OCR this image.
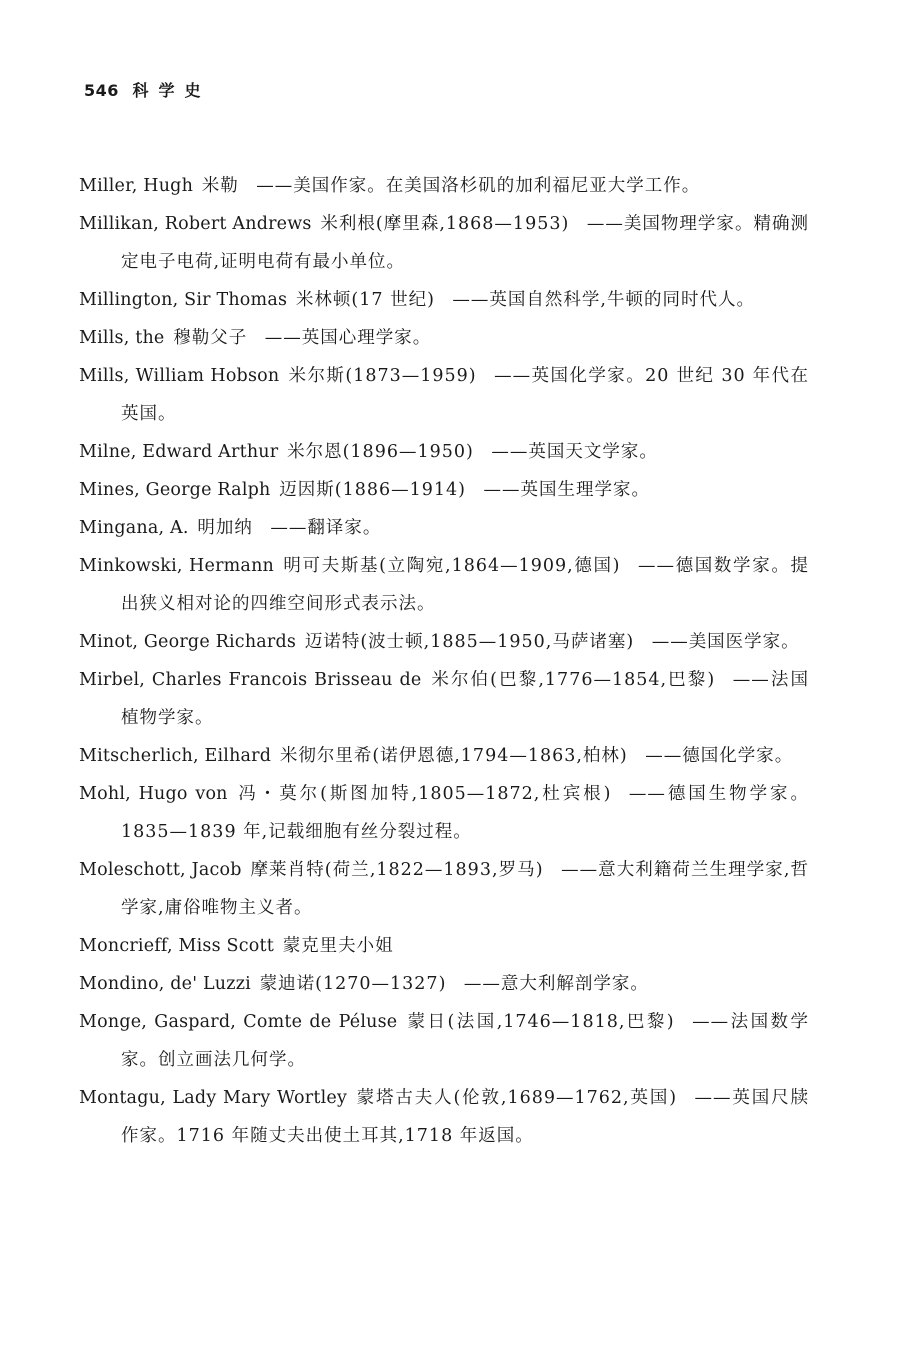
546 科学史
Miller, Hugh  米勒  ——美国作家。在美国洛杉矶的加利福尼亚大学工作。
Millikan, Robert Andrews  米利根(摩里森,1868—1953)  ——美国物理学家。精确测定电子电荷,证明电荷有最小单位。
Millington, Sir Thomas  米林顿(17 世纪)  ——英国自然科学,牛顿的同时代人。
Mills, the  穆勒父子  ——英国心理学家。
Mills, William Hobson  米尔斯(1873—1959)  ——英国化学家。20 世纪 30 年代在英国。
Milne, Edward Arthur  米尔恩(1896—1950)  ——英国天文学家。
Mines, George Ralph  迈因斯(1886—1914)  ——英国生理学家。
Mingana, A.  明加纳  ——翻译家。
Minkowski, Hermann  明可夫斯基(立陶宛,1864—1909,德国)  ——德国数学家。提出狭义相对论的四维空间形式表示法。
Minot, George Richards  迈诺特(波士顿,1885—1950,马萨诸塞)  ——美国医学家。
Mirbel, Charles Francois Brisseau de  米尔伯(巴黎,1776—1854,巴黎)  ——法国植物学家。
Mitscherlich, Eilhard  米彻尔里希(诺伊恩德,1794—1863,柏林)  ——德国化学家。
Mohl, Hugo von  冯・莫尔(斯图加特,1805—1872,杜宾根)  ——德国生物学家。1835—1839 年,记载细胞有丝分裂过程。
Moleschott, Jacob  摩莱肖特(荷兰,1822—1893,罗马)  ——意大利籍荷兰生理学家,哲学家,庸俗唯物主义者。
Moncrieff, Miss Scott  蒙克里夫小姐 
Mondino, de' Luzzi  蒙迪诺(1270—1327)  ——意大利解剖学家。
Monge, Gaspard, Comte de Péluse  蒙日(法国,1746—1818,巴黎)  ——法国数学家。创立画法几何学。
Montagu, Lady Mary Wortley  蒙塔古夫人(伦敦,1689—1762,英国)  ——英国尺牍作家。1716 年随丈夫出使土耳其,1718 年返国。
